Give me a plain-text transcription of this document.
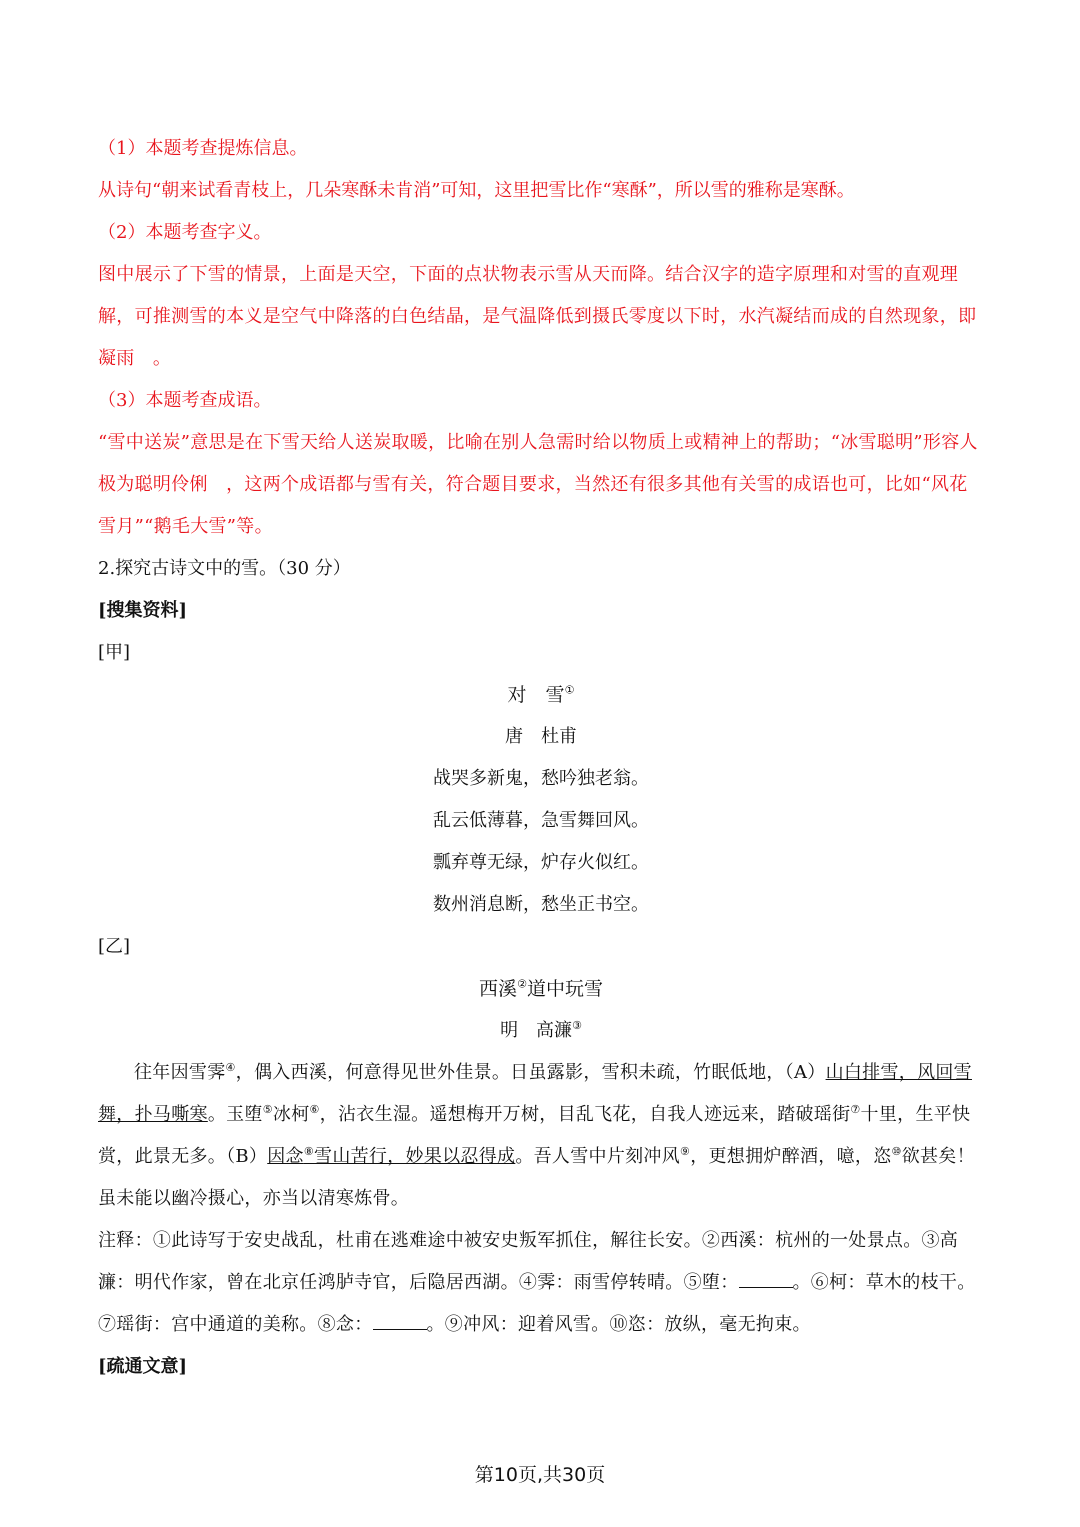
（1）本题考查提炼信息。
从诗句“朝来试看青枝上，几朵寒酥未肯消”可知，这里把雪比作“寒酥”，所以雪的雅称是寒酥。
（2）本题考查字义。
图中展示了下雪的情景，上面是天空，下面的点状物表示雪从天而降。结合汉字的造字原理和对雪的直观理解，可推测雪的本义是空气中降落的白色结晶，是气温降低到摄氏零度以下时，水汽凝结而成的自然现象，即凝雨　。
（3）本题考查成语。
“雪中送炭”意思是在下雪天给人送炭取暖，比喻在别人急需时给以物质上或精神上的帮助；“冰雪聪明”形容人极为聪明伶俐　，这两个成语都与雪有关，符合题目要求，当然还有很多其他有关雪的成语也可，比如“风花雪月”“鹅毛大雪”等。
2.探究古诗文中的雪。（30 分）
[搜集资料]
[甲]
对　雪①
唐　杜甫
战哭多新鬼，愁吟独老翁。
乱云低薄暮，急雪舞回风。
瓢弃尊无绿，炉存火似红。
数州消息断，愁坐正书空。
[乙]
西溪②道中玩雪
明　高濂③
往年因雪霁④，偶入西溪，何意得见世外佳景。日虽露影，雪积未疏，竹眠低地，（A）山白排雪，风回雪舞，扑马嘶寒。玉堕⑤冰柯⑥，沾衣生湿。遥想梅开万树，目乱飞花，自我人迹远来，踏破瑶街⑦十里，生平快赏，此景无多。（B）因念⑧雪山苦行，妙果以忍得成。吾人雪中片刻冲风⑨，更想拥炉醉酒，噫，恣⑩欲甚矣！虽未能以幽冷摄心，亦当以清寒炼骨。
注释：①此诗写于安史战乱，杜甫在逃难途中被安史叛军抓住，解往长安。②西溪：杭州的一处景点。③高濂：明代作家，曾在北京任鸿胪寺官，后隐居西湖。④霁：雨雪停转晴。⑤堕：	。⑥柯：草木的枝干。⑦瑶街：宫中通道的美称。⑧念：	。⑨冲风：迎着风雪。⑩恣：放纵，毫无拘束。
[疏通文意]
第10页,共30页
